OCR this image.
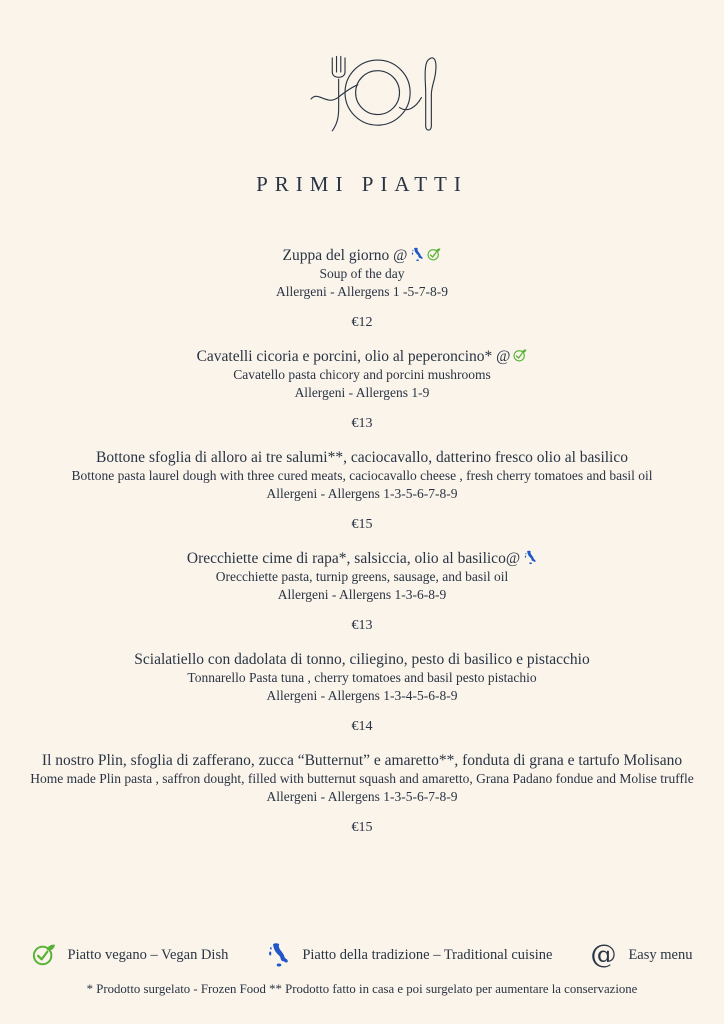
PRIMI PIATTI
Zuppa del giorno @
Soup of the day
Allergeni - Allergens 1 -5-7-8-9
€12
Cavatelli cicoria e porcini, olio al peperoncino* @
Cavatello pasta chicory and porcini mushrooms
Allergeni - Allergens 1-9
€13
Bottone sfoglia di alloro ai tre salumi**, caciocavallo, datterino fresco olio al basilico
Bottone pasta laurel dough with three cured meats, caciocavallo cheese , fresh cherry tomatoes and basil oil
Allergeni - Allergens 1-3-5-6-7-8-9
€15
Orecchiette cime di rapa*, salsiccia, olio al basilico@
Orecchiette pasta, turnip greens, sausage, and basil oil
Allergeni - Allergens 1-3-6-8-9
€13
Scialatiello con dadolata di tonno, ciliegino, pesto di basilico e pistacchio
Tonnarello Pasta tuna , cherry tomatoes and basil pesto pistachio
Allergeni - Allergens 1-3-4-5-6-8-9
€14
Il nostro Plin, sfoglia di zafferano, zucca “Butternut” e amaretto**, fonduta di grana e tartufo Molisano
Home made Plin pasta , saffron dought, filled with butternut squash and amaretto, Grana Padano fondue and Molise truffle
Allergeni - Allergens 1-3-5-6-7-8-9
€15
Piatto vegano – Vegan Dish	Piatto della tradizione – Traditional cuisine @ Easy menu
* Prodotto surgelato - Frozen Food ** Prodotto fatto in casa e poi surgelato per aumentare la conservazione
